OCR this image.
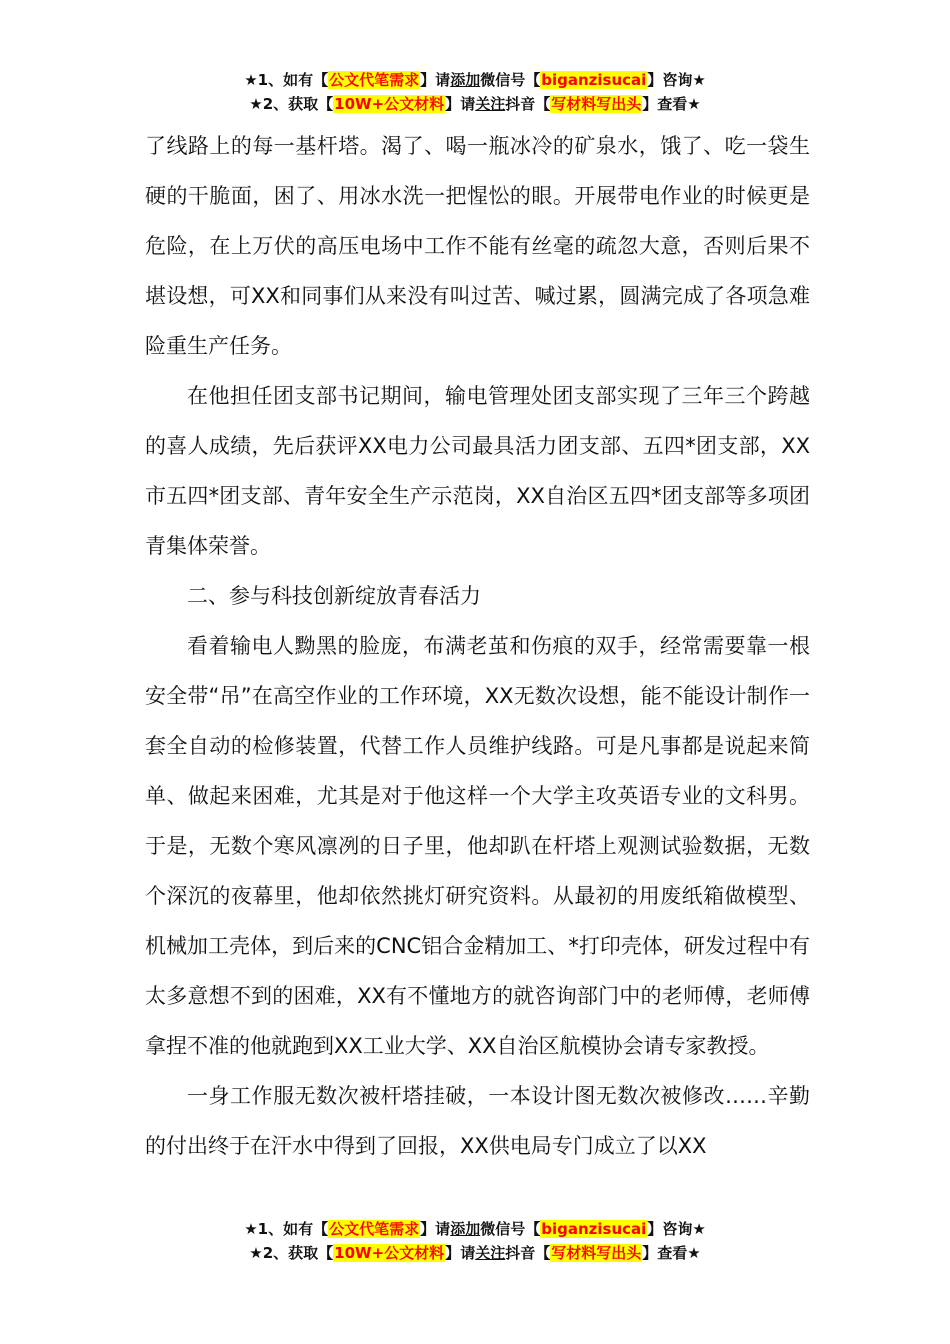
★1、如有【公文代笔需求】请添加微信号【biganzisucai】咨询★
★2、获取【10W+公文材料】请关注抖音【写材料写出头】查看★

了线路上的每一基杆塔。渴了、喝一瓶冰冷的矿泉水，饿了、吃一袋生硬的干脆面，困了、用冰水洗一把惺忪的眼。开展带电作业的时候更是危险，在上万伏的高压电场中工作不能有丝毫的疏忽大意，否则后果不堪设想，可XX和同事们从来没有叫过苦、喊过累，圆满完成了各项急难险重生产任务。

在他担任团支部书记期间，输电管理处团支部实现了三年三个跨越的喜人成绩，先后获评XX电力公司最具活力团支部、五四*团支部，XX市五四*团支部、青年安全生产示范岗，XX自治区五四*团支部等多项团青集体荣誉。

二、参与科技创新绽放青春活力

看着输电人黝黑的脸庞，布满老茧和伤痕的双手，经常需要靠一根安全带“吊”在高空作业的工作环境，XX无数次设想，能不能设计制作一套全自动的检修装置，代替工作人员维护线路。可是凡事都是说起来简单、做起来困难，尤其是对于他这样一个大学主攻英语专业的文科男。于是，无数个寒风凛冽的日子里，他却趴在杆塔上观测试验数据，无数个深沉的夜幕里，他却依然挑灯研究资料。从最初的用废纸箱做模型、机械加工壳体，到后来的CNC铝合金精加工、*打印壳体，研发过程中有太多意想不到的困难，XX有不懂地方的就咨询部门中的老师傅，老师傅拿捏不准的他就跑到XX工业大学、XX自治区航模协会请专家教授。

一身工作服无数次被杆塔挂破，一本设计图无数次被修改……辛勤的付出终于在汗水中得到了回报，XX供电局专门成立了以XX

★1、如有【公文代笔需求】请添加微信号【biganzisucai】咨询★
★2、获取【10W+公文材料】请关注抖音【写材料写出头】查看★
